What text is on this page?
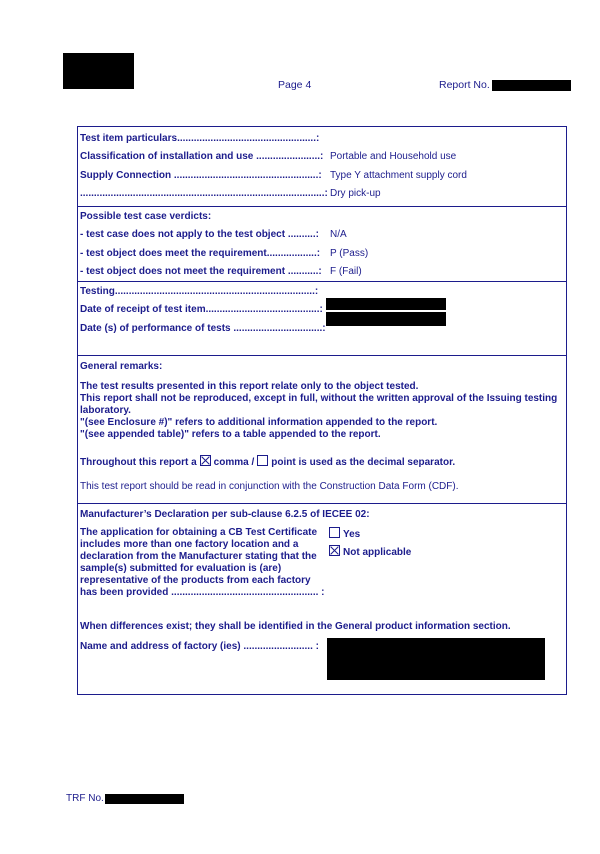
Page 4	Report No.
Test item particulars..................................................:
Classification of installation and use .......................: Portable and Household use
Supply Connection ....................................................: Type Y attachment supply cord
........................................................................................: Dry pick-up

Possible test case verdicts:
- test case does not apply to the test object ..........:	N/A
- test object does meet the requirement..................: P (Pass)
- test object does not meet the requirement ...........: F (Fail)

Testing........................................................................:
Date of receipt of test item.........................................:
Date (s) of performance of tests ................................:

General remarks:
The test results presented in this report relate only to the object tested.
This report shall not be reproduced, except in full, without the written approval of the Issuing testing laboratory.
"(see Enclosure #)" refers to additional information appended to the report.
"(see appended table)" refers to a table appended to the report.
Throughout this report a comma / point is used as the decimal separator.
This test report should be read in conjunction with the Construction Data Form (CDF).

Manufacturer’s Declaration per sub-clause 6.2.5 of IECEE 02:
The application for obtaining a CB Test Certificate
includes more than one factory location and a
declaration from the Manufacturer stating that the
sample(s) submitted for evaluation is (are)
representative of the products from each factory
has been provided ..................................................... :
Yes
Not applicable
When differences exist; they shall be identified in the General product information section.
Name and address of factory (ies) ......................... :
TRF No.
